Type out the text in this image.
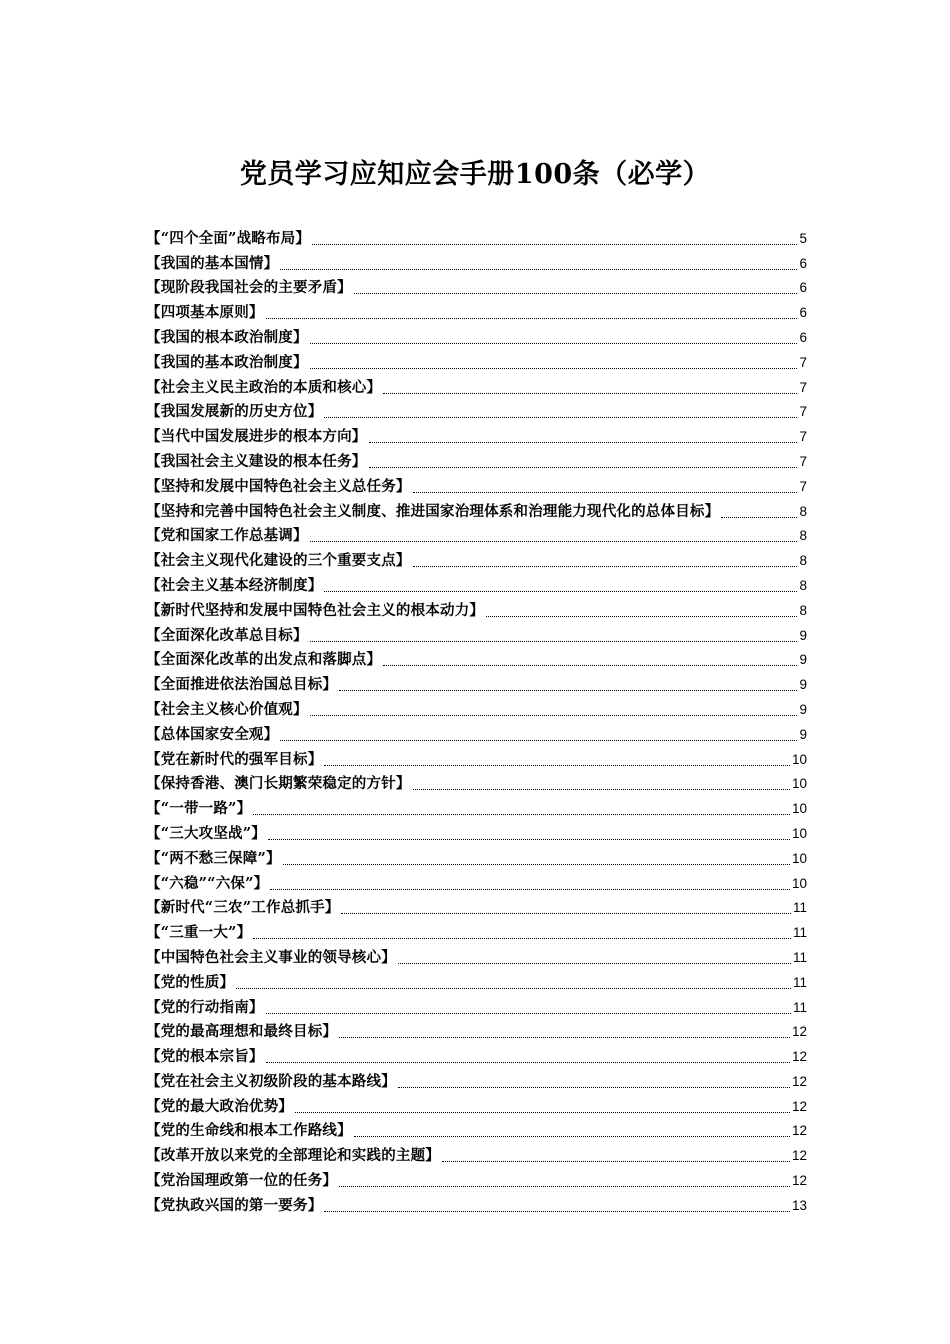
党员学习应知应会手册100条（必学）
【“四个全面”战略布局】	5
【我国的基本国情】	6
【现阶段我国社会的主要矛盾】	6
【四项基本原则】	6
【我国的根本政治制度】	6
【我国的基本政治制度】	7
【社会主义民主政治的本质和核心】	7
【我国发展新的历史方位】	7
【当代中国发展进步的根本方向】	7
【我国社会主义建设的根本任务】	7
【坚持和发展中国特色社会主义总任务】	7
【坚持和完善中国特色社会主义制度、推进国家治理体系和治理能力现代化的总体目标】	8
【党和国家工作总基调】	8
【社会主义现代化建设的三个重要支点】	8
【社会主义基本经济制度】	8
【新时代坚持和发展中国特色社会主义的根本动力】	8
【全面深化改革总目标】	9
【全面深化改革的出发点和落脚点】	9
【全面推进依法治国总目标】	9
【社会主义核心价值观】	9
【总体国家安全观】	9
【党在新时代的强军目标】	10
【保持香港、澳门长期繁荣稳定的方针】	10
【“一带一路”】	10
【“三大攻坚战”】	10
【“两不愁三保障”】	10
【“六稳”“六保”】	10
【新时代“三农”工作总抓手】	11
【“三重一大”】	11
【中国特色社会主义事业的领导核心】	11
【党的性质】	11
【党的行动指南】	11
【党的最高理想和最终目标】	12
【党的根本宗旨】	12
【党在社会主义初级阶段的基本路线】	12
【党的最大政治优势】	12
【党的生命线和根本工作路线】	12
【改革开放以来党的全部理论和实践的主题】	12
【党治国理政第一位的任务】	12
【党执政兴国的第一要务】	13
